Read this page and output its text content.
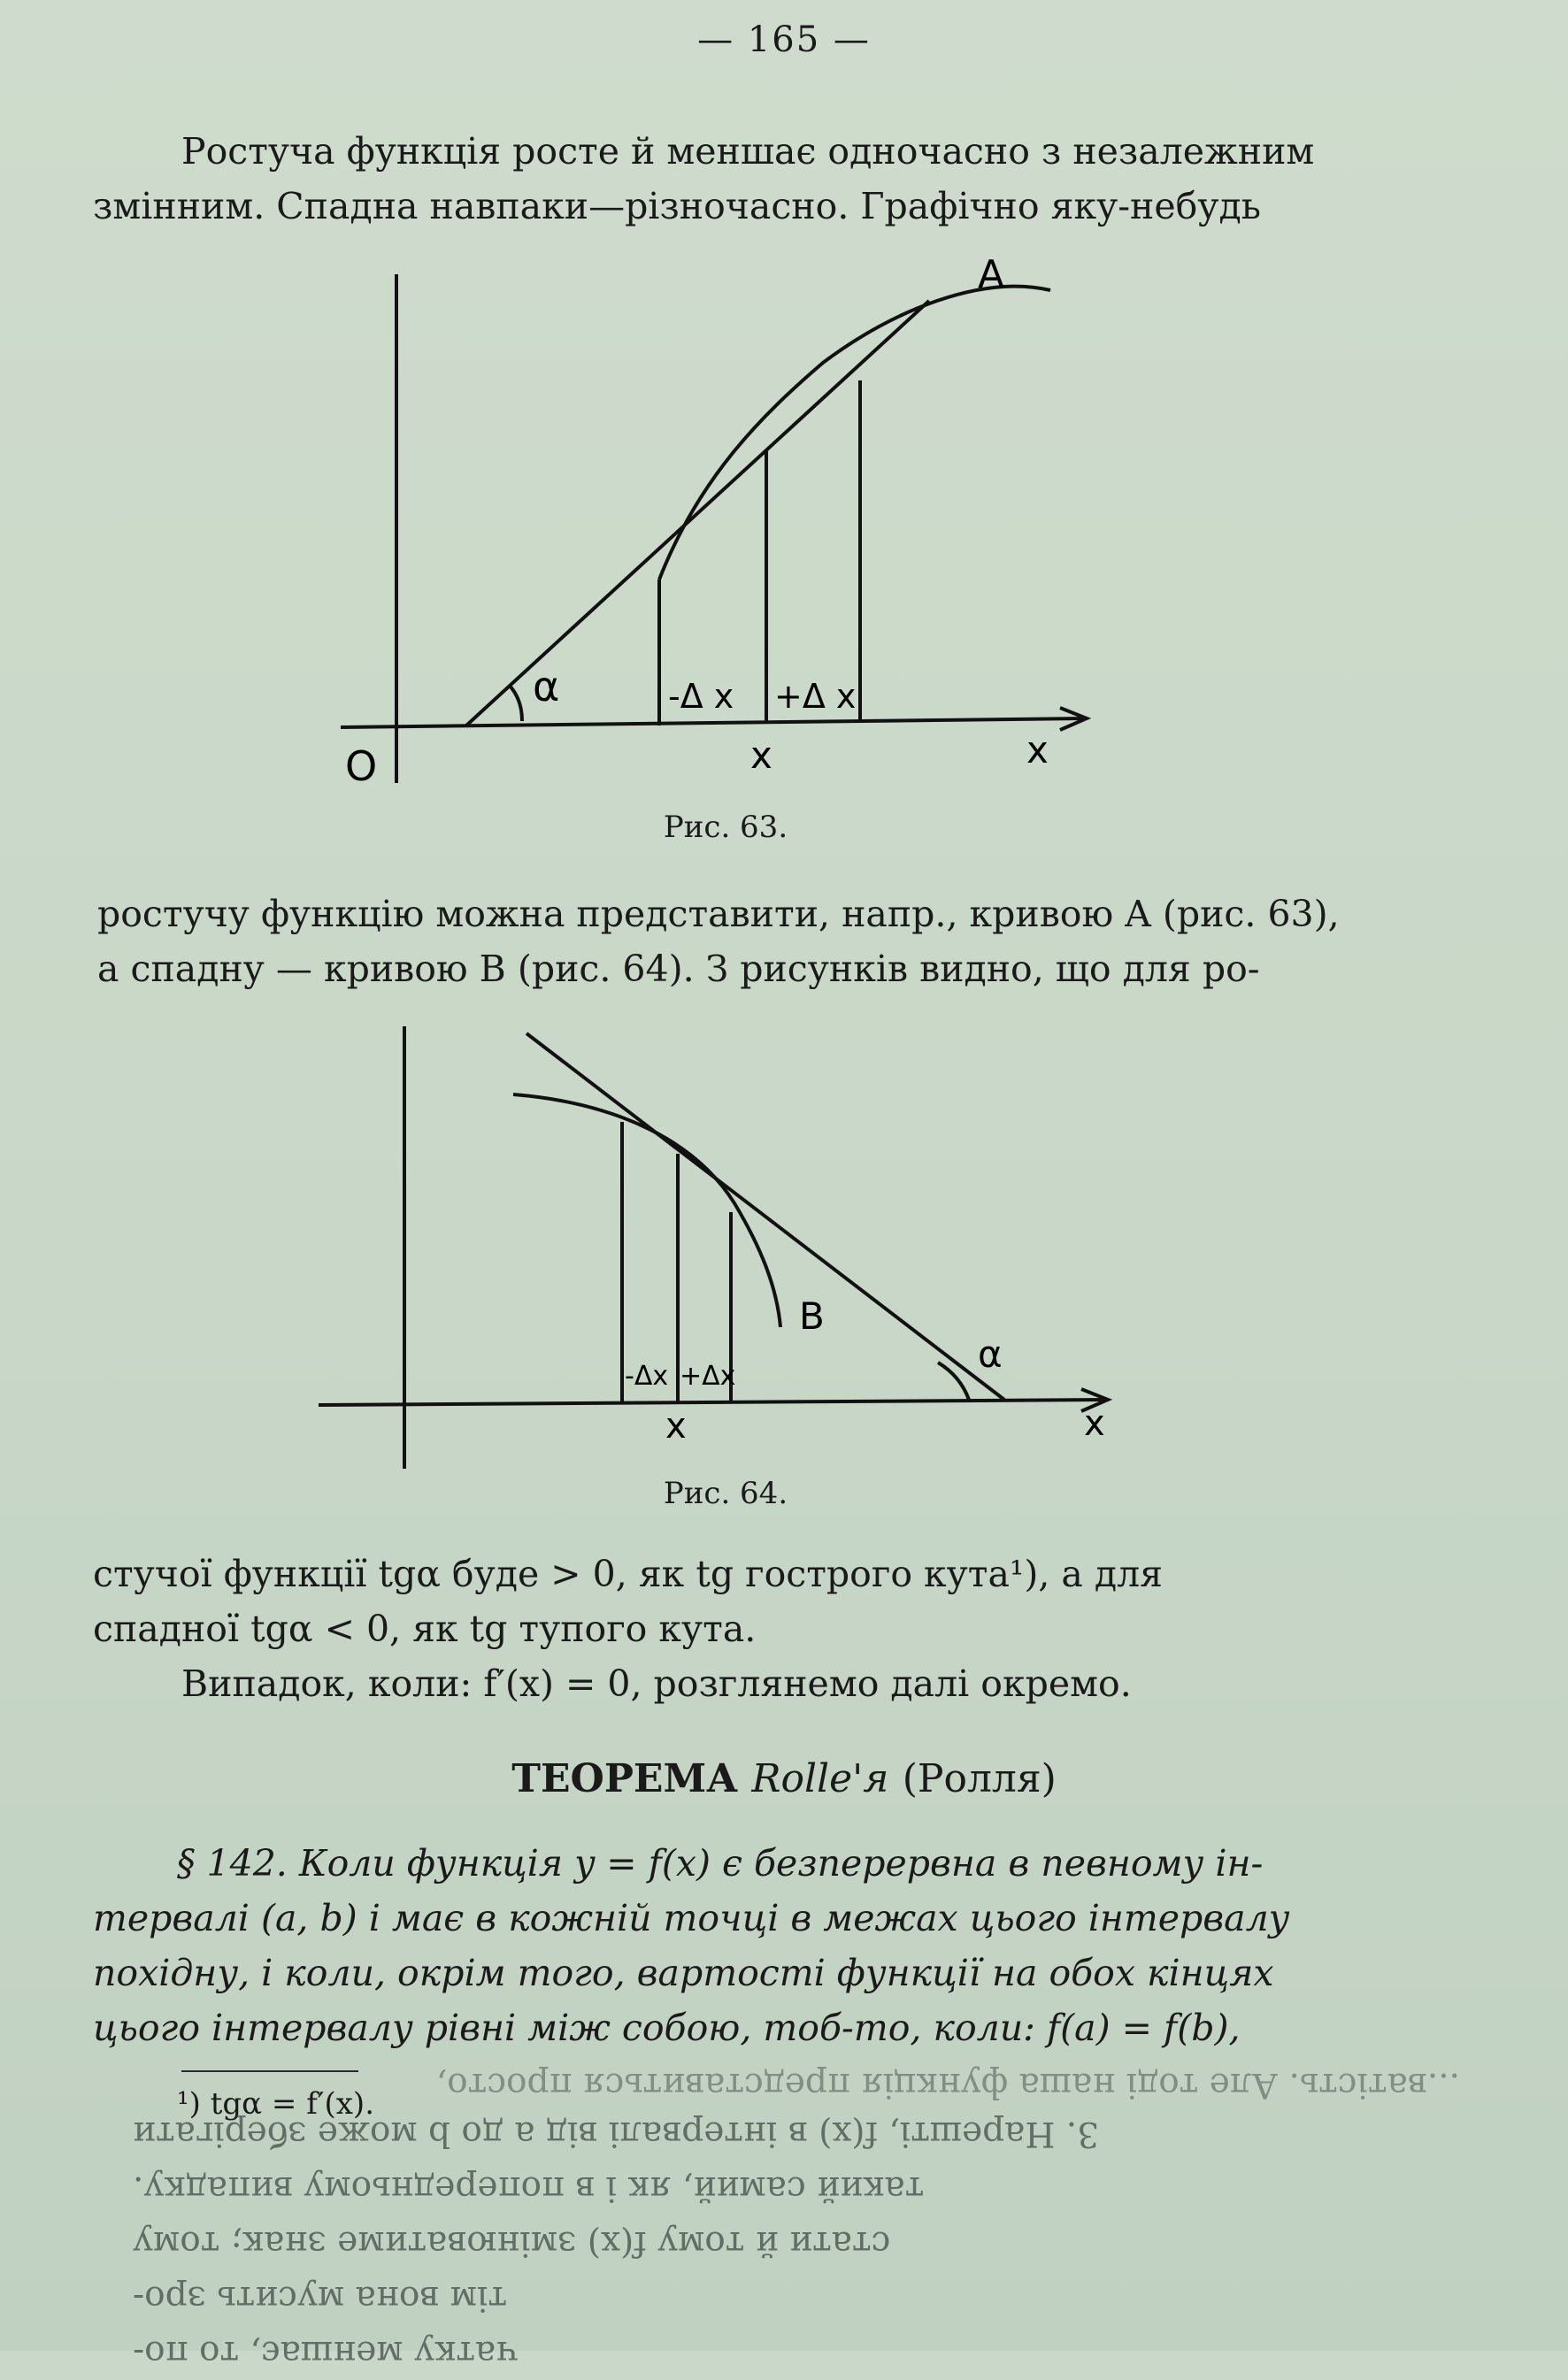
— 165 —
Ростуча функція росте й меншає одночасно з незалежним
змінним. Спадна навпаки—різночасно. Графічно яку-небудь
A
α
O
-Δ x +Δ x
x	x
Рис. 63.
ростучу функцію можна представити, напр., кривою A (рис. 63),
а спадну — кривою B (рис. 64). З рисунків видно, що для ро-
B
α
-Δx +Δx
x	x
Рис. 64.
стучої функції tgα буде > 0, як tg гострого кута¹), а для
спадної tgα < 0, як tg тупого кута.
Випадок, коли: f′(x) = 0, розглянемо далі окремо.
ТЕОРЕМА Rolle'я (Ролля)
§ 142. Коли функція y = f(x) є безперервна в певному ін-
тервалі (a, b) і має в кожній точці в межах цього інтервалу
похідну, і коли, окрім того, вартості функції на обох кінцях
цього інтервалу рівні між собою, тоб-то, коли: f(a) = f(b),
¹) tgα = f′(x).
чатку меншає, то по-
тім вона мусить зро-
стати й тому f(x) змінюватиме знак; тому
такий самий, як і в попередньому випадку.
3. Нарешті, f(x) в інтервалі від a до b може зберігати
...ватість. Але тоді наша функція представиться просто,
